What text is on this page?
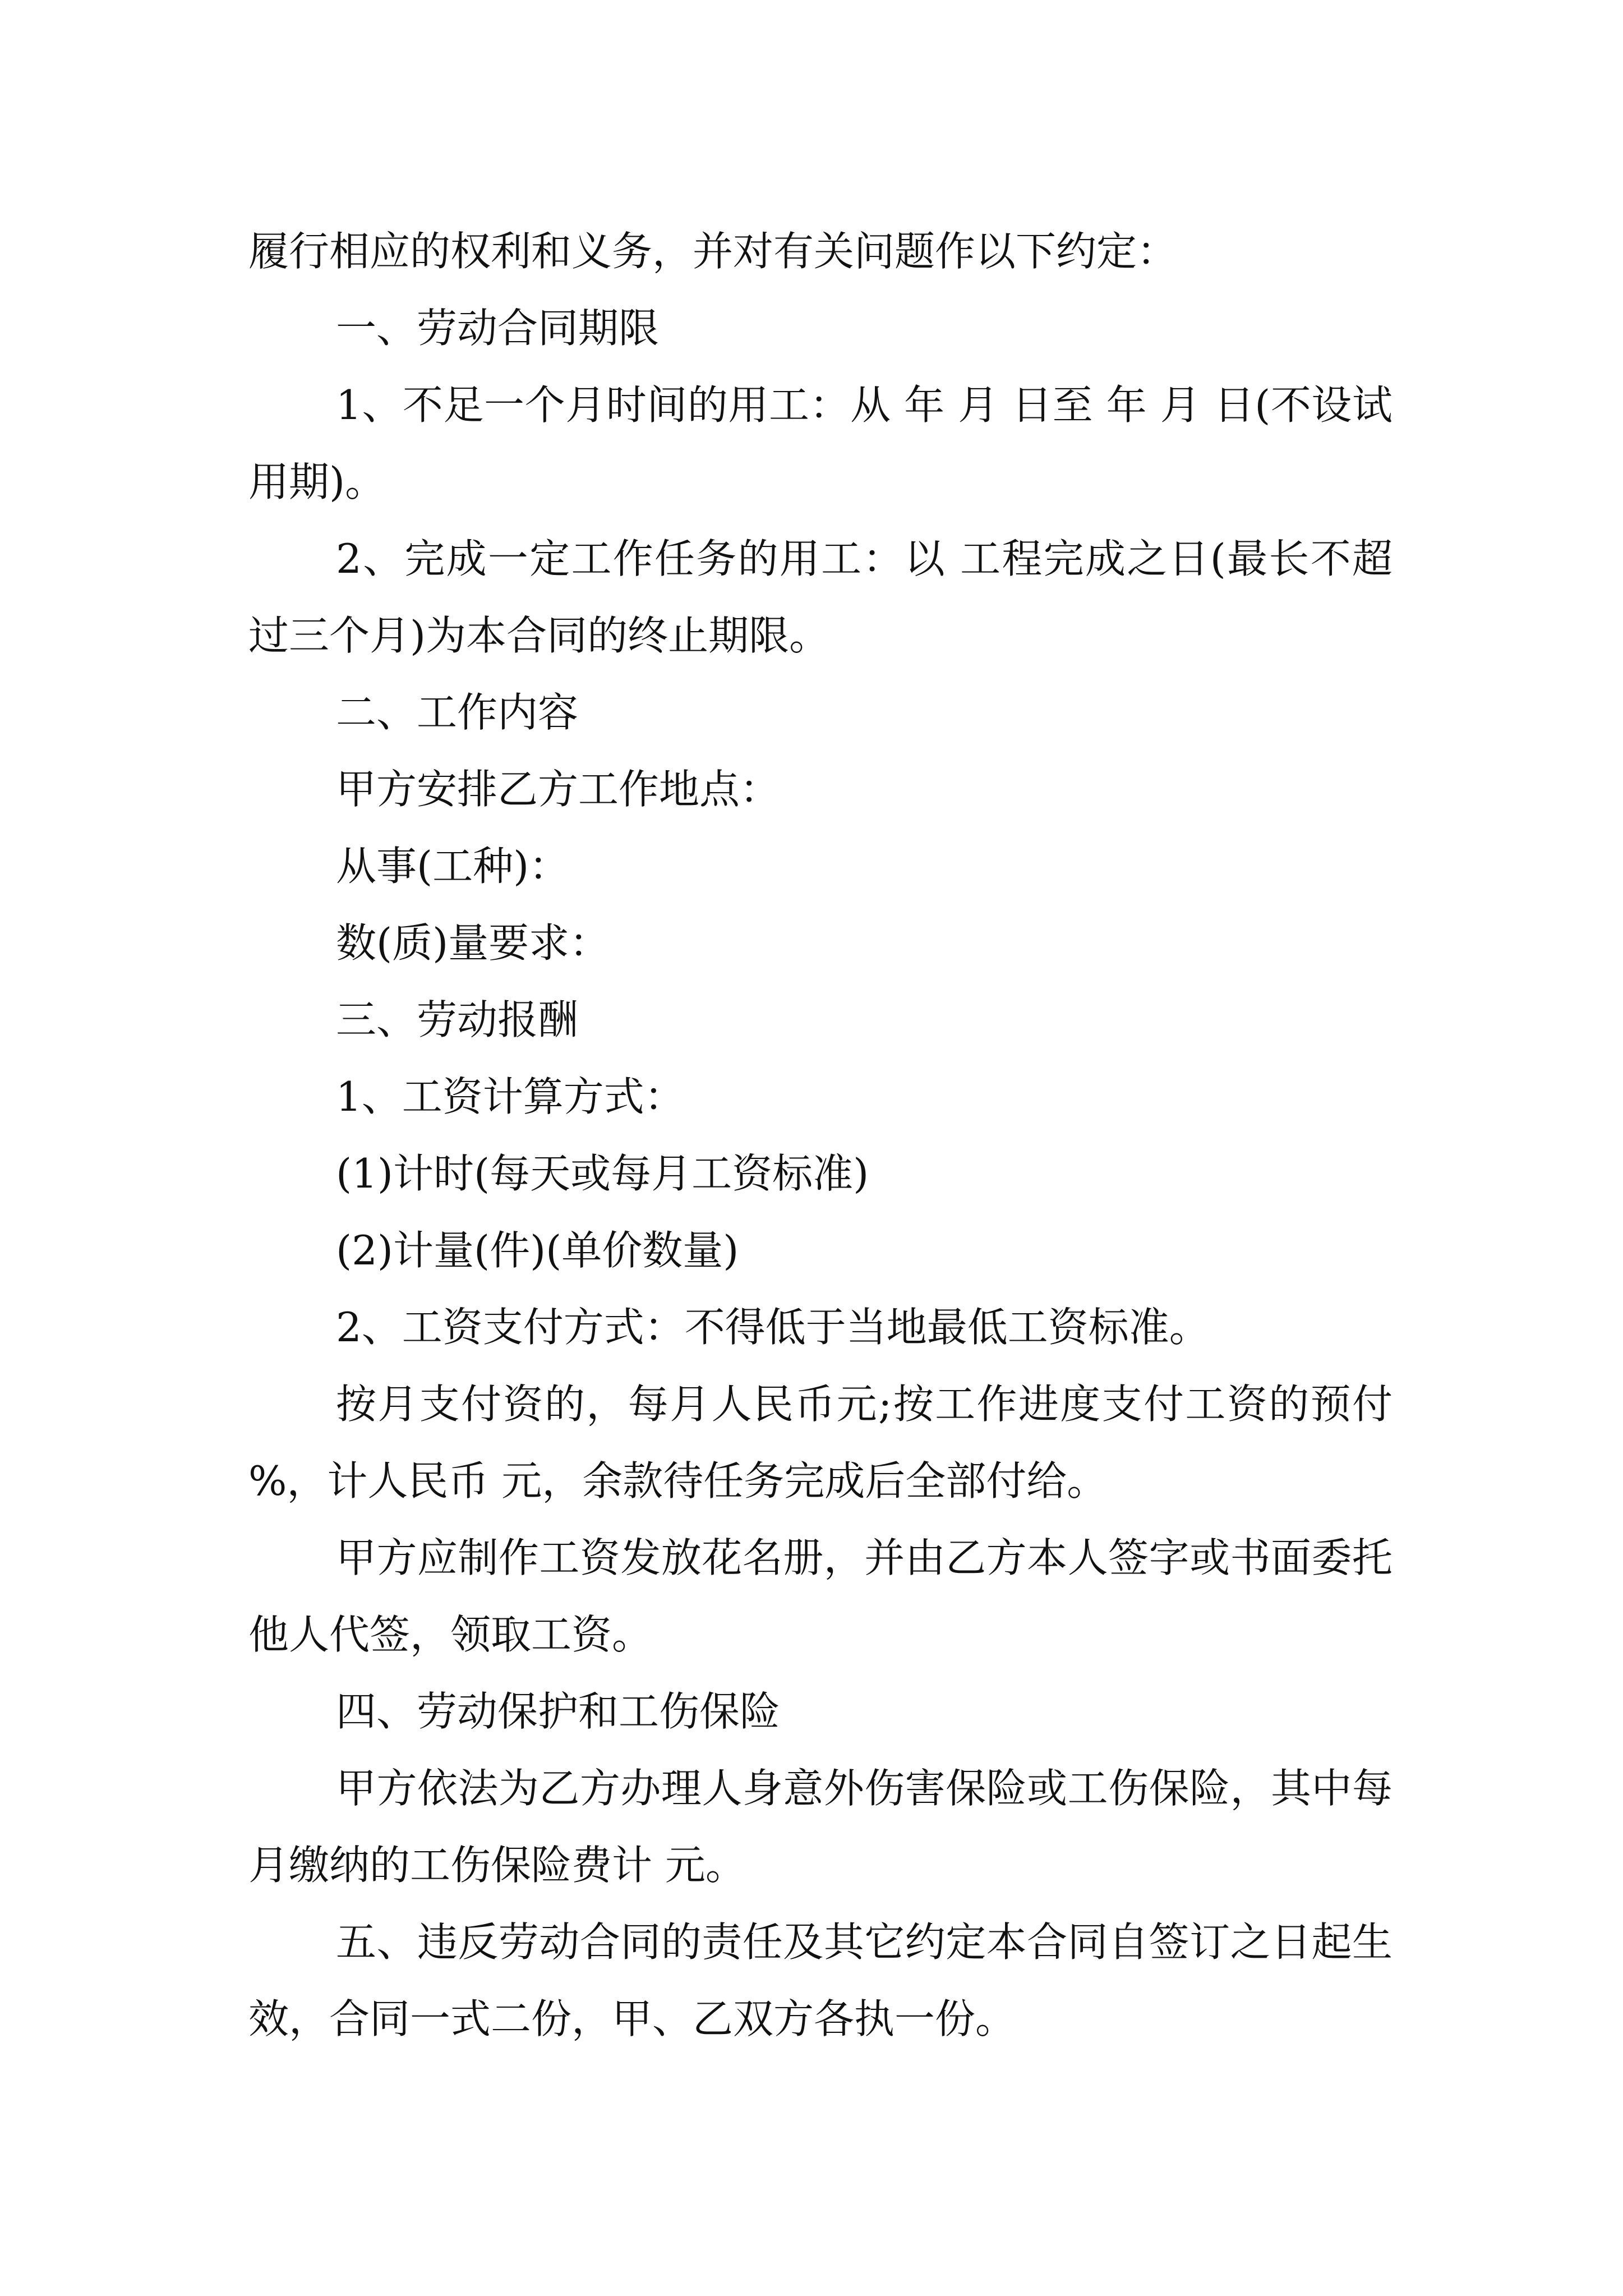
履行相应的权利和义务，并对有关问题作以下约定：

一、劳动合同期限

1、不足一个月时间的用工：从 年 月 日至 年 月 日(不设试用期)。

2、完成一定工作任务的用工：以 工程完成之日(最长不超过三个月)为本合同的终止期限。

二、工作内容

甲方安排乙方工作地点：

从事(工种)：

数(质)量要求：

三、劳动报酬

1、工资计算方式：

(1)计时(每天或每月工资标准)

(2)计量(件)(单价数量)

2、工资支付方式：不得低于当地最低工资标准。

按月支付资的，每月人民币元;按工作进度支付工资的预付 %，计人民币 元，余款待任务完成后全部付给。

甲方应制作工资发放花名册，并由乙方本人签字或书面委托他人代签，领取工资。

四、劳动保护和工伤保险

甲方依法为乙方办理人身意外伤害保险或工伤保险，其中每月缴纳的工伤保险费计 元。

五、违反劳动合同的责任及其它约定本合同自签订之日起生效，合同一式二份，甲、乙双方各执一份。
